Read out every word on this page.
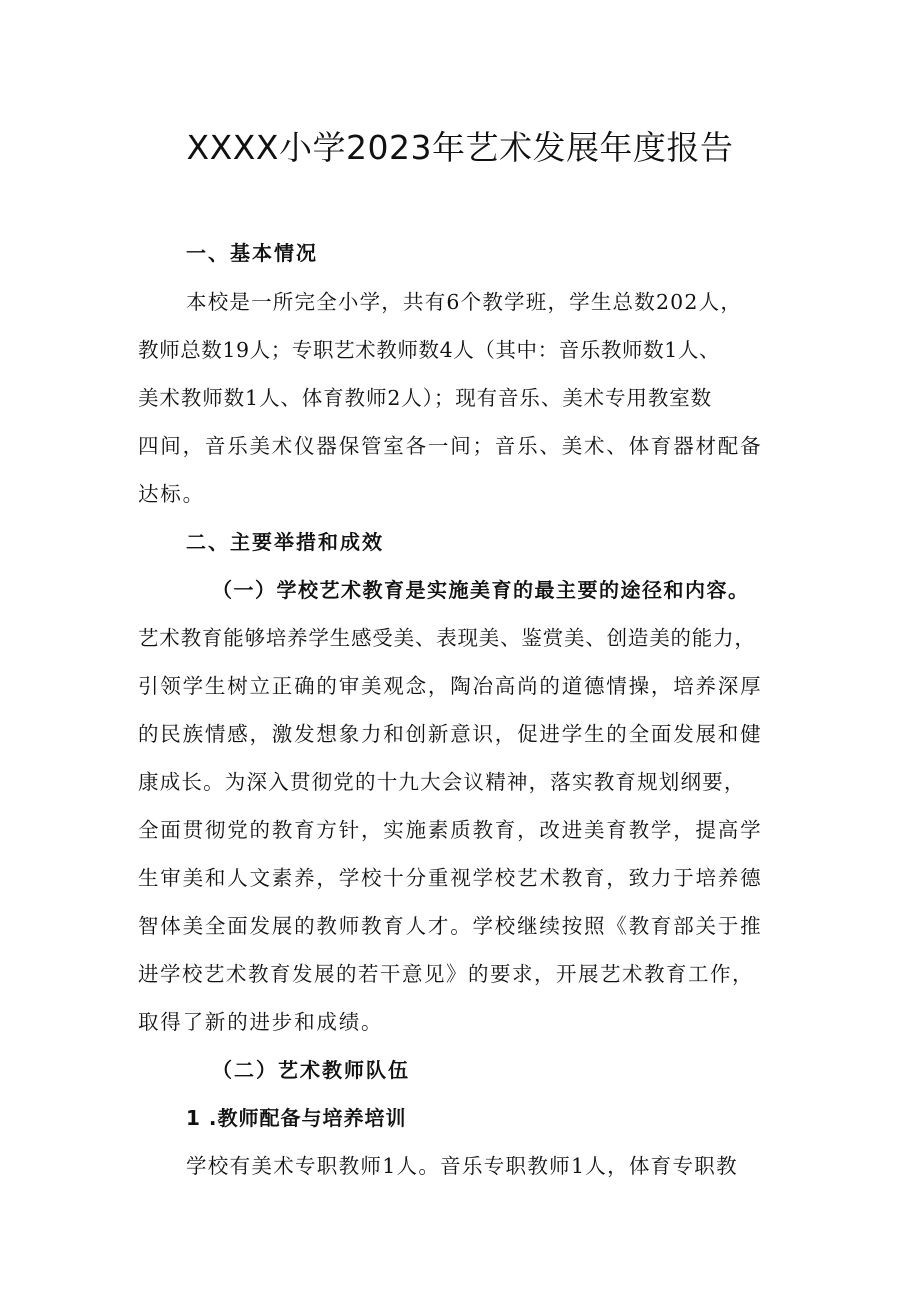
XXXX小学2023年艺术发展年度报告
一、基本情况
本校是一所完全小学，共有6个教学班，学生总数202人，
教师总数19人；专职艺术教师数4人（其中：音乐教师数1人、
美术教师数1人、体育教师2人）；现有音乐、美术专用教室数
四间，音乐美术仪器保管室各一间；音乐、美术、体育器材配备
达标。
二、主要举措和成效
（一）学校艺术教育是实施美育的最主要的途径和内容。
艺术教育能够培养学生感受美、表现美、鉴赏美、创造美的能力，
引领学生树立正确的审美观念，陶冶高尚的道德情操，培养深厚
的民族情感，激发想象力和创新意识，促进学生的全面发展和健
康成长。为深入贯彻党的十九大会议精神，落实教育规划纲要，
全面贯彻党的教育方针，实施素质教育，改进美育教学，提高学
生审美和人文素养，学校十分重视学校艺术教育，致力于培养德
智体美全面发展的教师教育人才。学校继续按照《教育部关于推
进学校艺术教育发展的若干意见》的要求，开展艺术教育工作，
取得了新的进步和成绩。
（二）艺术教师队伍
1 .教师配备与培养培训
学校有美术专职教师1人。音乐专职教师1人，体育专职教
